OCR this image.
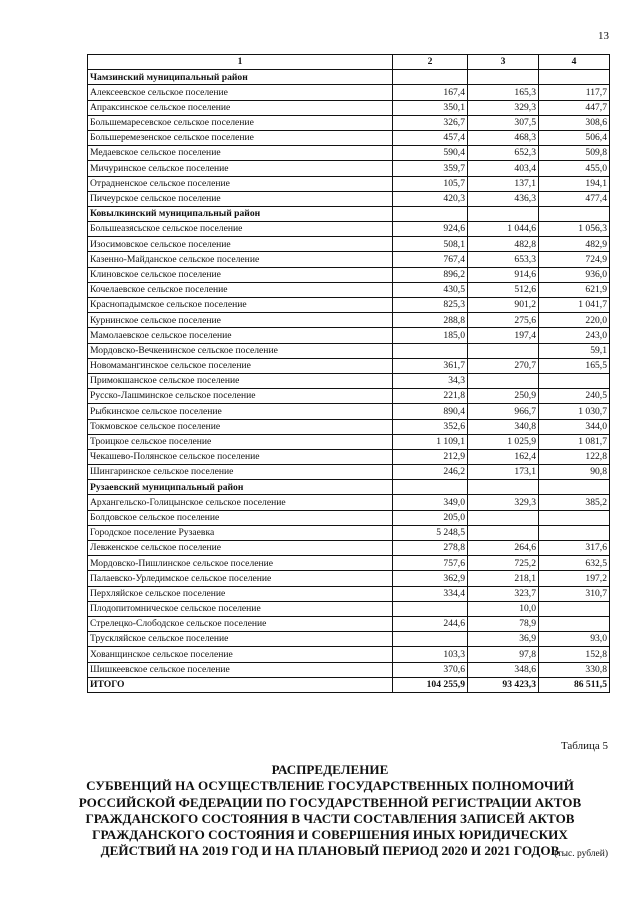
13
1	2	3	4
Чамзинский муниципальный район			
Алексеевское сельское поселение	167,4	165,3	117,7
Апраксинское сельское поселение	350,1	329,3	447,7
Большемаресевское сельское поселение	326,7	307,5	308,6
Большеремезенское сельское поселение	457,4	468,3	506,4
Медаевское сельское поселение	590,4	652,3	509,8
Мичуринское сельское поселение	359,7	403,4	455,0
Отрадненское сельское поселение	105,7	137,1	194,1
Пичеурское сельское поселение	420,3	436,3	477,4
Ковылкинский муниципальный район			
Большеазясьское сельское поселение	924,6	1 044,6	1 056,3
Изосимовское сельское поселение	508,1	482,8	482,9
Казенно-Майданское сельское поселение	767,4	653,3	724,9
Клиновское сельское поселение	896,2	914,6	936,0
Кочелаевское сельское поселение	430,5	512,6	621,9
Краснопадымское сельское поселение	825,3	901,2	1 041,7
Курнинское сельское поселение	288,8	275,6	220,0
Мамолаевское сельское поселение	185,0	197,4	243,0
Мордовско-Вечкенинское сельское поселение			59,1
Новомамангинское сельское поселение	361,7	270,7	165,5
Примокшанское сельское поселение	34,3		
Русско-Лашминское сельское поселение	221,8	250,9	240,5
Рыбкинское сельское поселение	890,4	966,7	1 030,7
Токмовское сельское поселение	352,6	340,8	344,0
Троицкое сельское поселение	1 109,1	1 025,9	1 081,7
Чекашево-Полянское сельское поселение	212,9	162,4	122,8
Шингаринское сельское поселение	246,2	173,1	90,8
Рузаевский муниципальный район			
Архангельско-Голицынское сельское поселение	349,0	329,3	385,2
Болдовское сельское поселение	205,0		
Городское поселение Рузаевка	5 248,5		
Левженское сельское поселение	278,8	264,6	317,6
Мордовско-Пишлинское сельское поселение	757,6	725,2	632,5
Палаевско-Урледимское сельское поселение	362,9	218,1	197,2
Перхляйское сельское поселение	334,4	323,7	310,7
Плодопитомническое сельское поселение		10,0	
Стрелецко-Слободское сельское поселение	244,6	78,9	
Трускляйское сельское поселение		36,9	93,0
Хованщинское сельское поселение	103,3	97,8	152,8
Шишкеевское сельское поселение	370,6	348,6	330,8
ИТОГО	104 255,9	93 423,3	86 511,5
Таблица 5
РАСПРЕДЕЛЕНИЕ
СУБВЕНЦИЙ НА ОСУЩЕСТВЛЕНИЕ ГОСУДАРСТВЕННЫХ ПОЛНОМОЧИЙ
РОССИЙСКОЙ ФЕДЕРАЦИИ ПО ГОСУДАРСТВЕННОЙ РЕГИСТРАЦИИ АКТОВ
ГРАЖДАНСКОГО СОСТОЯНИЯ В ЧАСТИ СОСТАВЛЕНИЯ ЗАПИСЕЙ АКТОВ
ГРАЖДАНСКОГО СОСТОЯНИЯ И СОВЕРШЕНИЯ ИНЫХ ЮРИДИЧЕСКИХ
ДЕЙСТВИЙ НА 2019 ГОД И НА ПЛАНОВЫЙ ПЕРИОД 2020 И 2021 ГОДОВ
(тыс. рублей)
